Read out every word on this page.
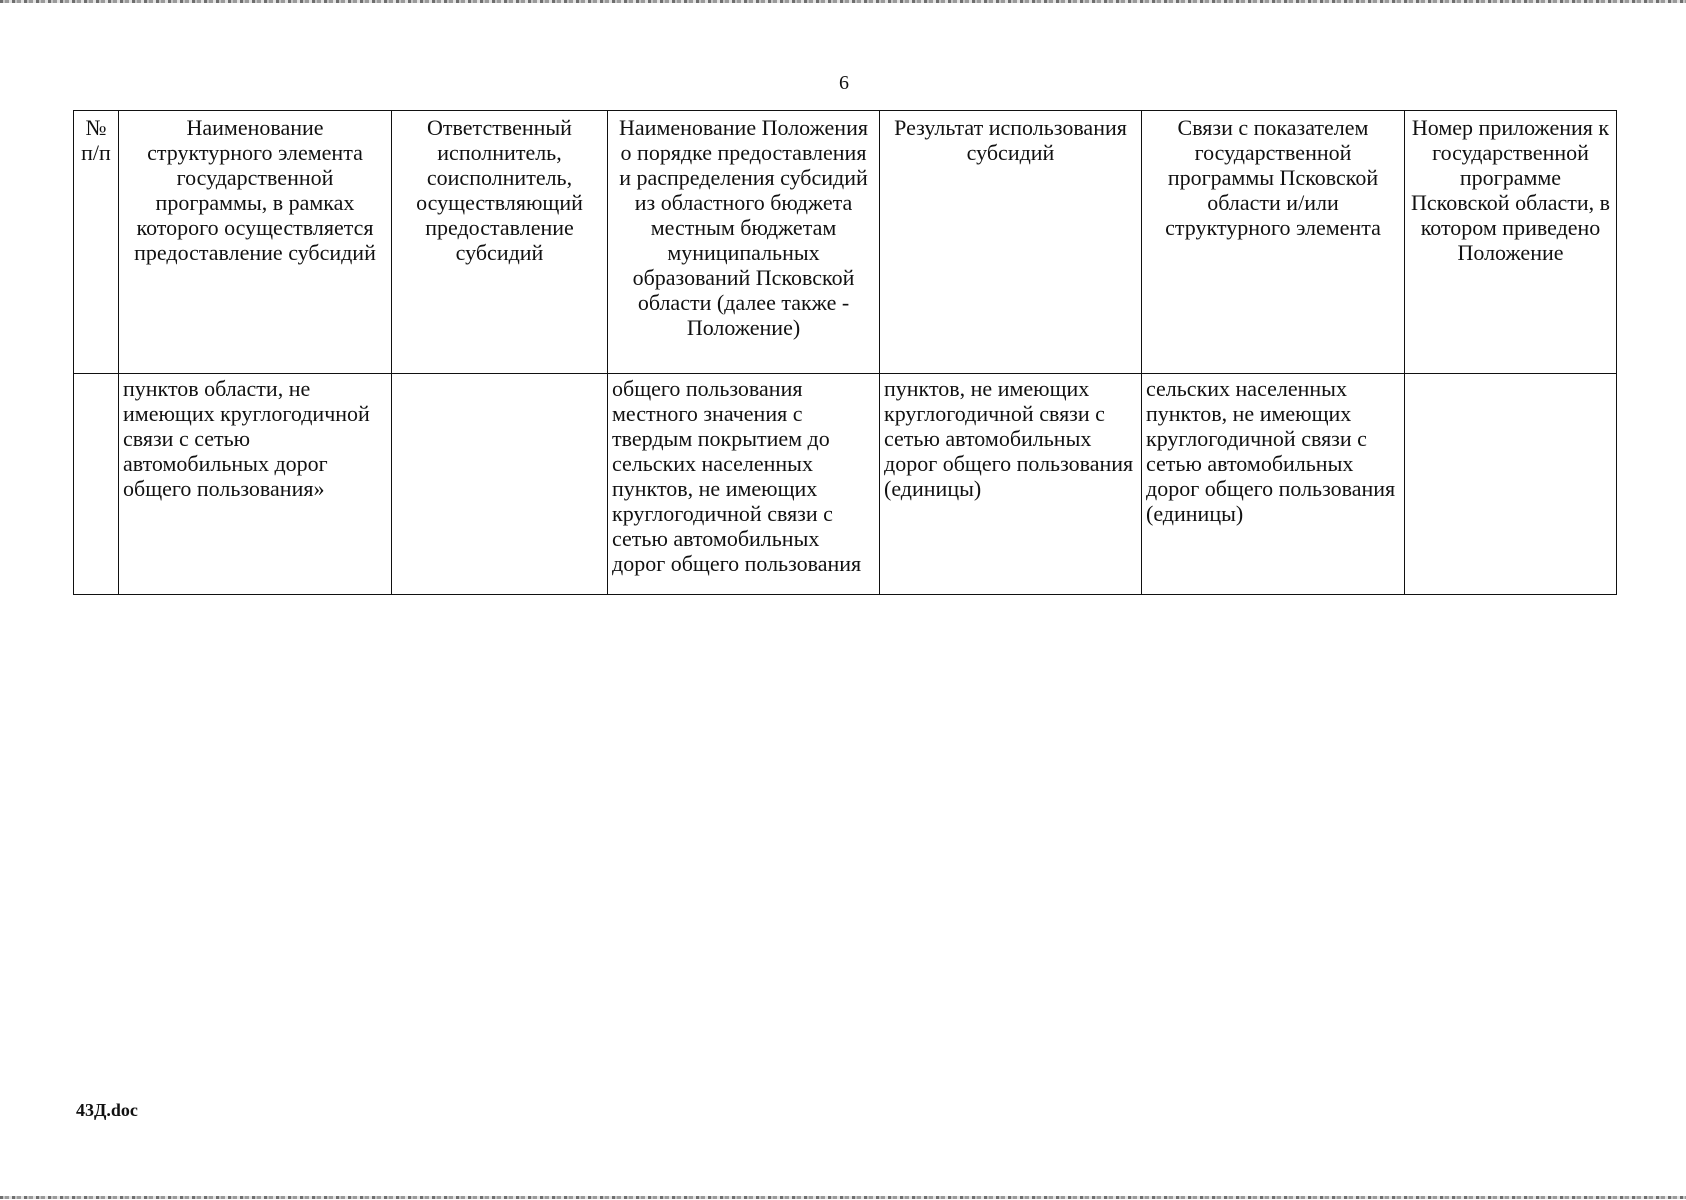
6
№ п/п	Наименование структурного элемента государственной программы, в рамках которого осуществляется предоставление субсидий	Ответственный исполнитель, соисполнитель, осуществляющий предоставление субсидий	Наименование Положения о порядке предоставления и распределения субсидий из областного бюджета местным бюджетам муниципальных образований Псковской области (далее также - Положение)	Результат использования субсидий	Связи с показателем государственной программы Псковской области и/или структурного элемента	Номер приложения к государственной программе Псковской области, в котором приведено Положение
	пунктов области, не имеющих круглогодичной связи с сетью автомобильных дорог общего пользования»		общего пользования местного значения с твердым покрытием до сельских населенных пунктов, не имеющих круглогодичной связи с сетью автомобильных дорог общего пользования	пунктов, не имеющих круглогодичной связи с сетью автомобильных дорог общего пользования (единицы)	сельских населенных пунктов, не имеющих круглогодичной связи с сетью автомобильных дорог общего пользования (единицы)	
43Д.doc
